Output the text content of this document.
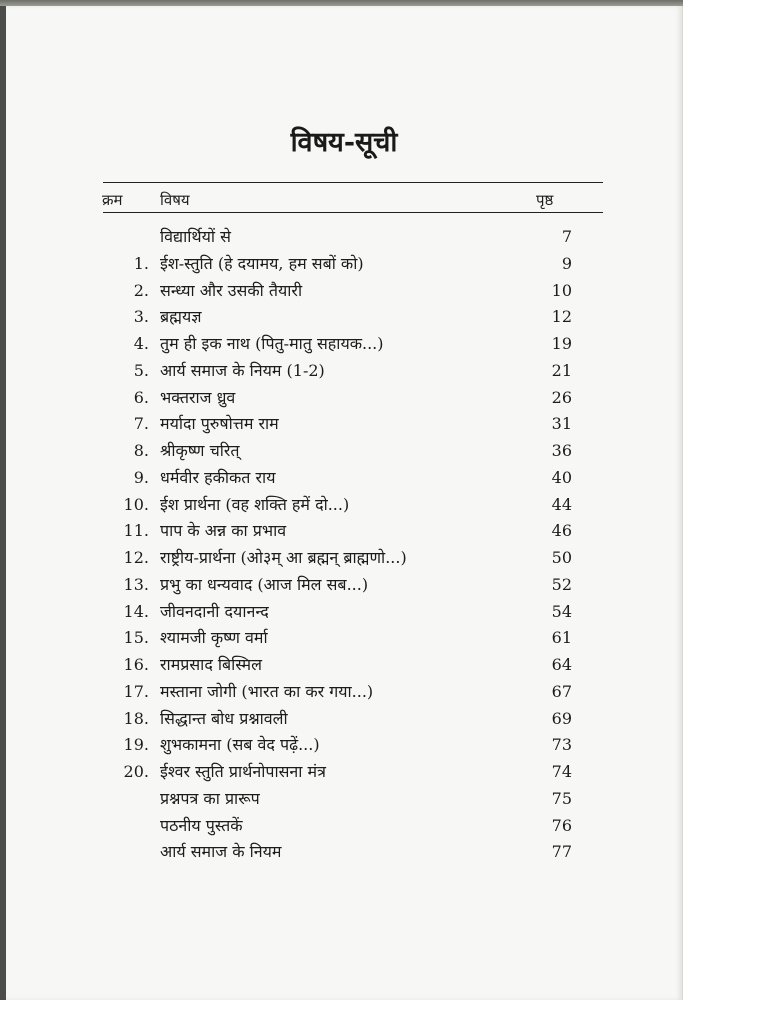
विषय-सूची
क्रम	विषय	पृष्ठ
विद्यार्थियों से	7
1. ईश-स्तुति (हे दयामय, हम सबों को)	9
2. सन्ध्या और उसकी तैयारी	10
3. ब्रह्मयज्ञ	12
4. तुम ही इक नाथ (पितु-मातु सहायक...)	19
5. आर्य समाज के नियम (1-2)	21
6. भक्तराज ध्रुव	26
7. मर्यादा पुरुषोत्तम राम	31
8. श्रीकृष्ण चरित्	36
9. धर्मवीर हकीकत राय	40
10. ईश प्रार्थना (वह शक्ति हमें दो...)	44
11. पाप के अन्न का प्रभाव	46
12. राष्ट्रीय-प्रार्थना (ओ३म् आ ब्रह्मन् ब्राह्मणो...)	50
13. प्रभु का धन्यवाद (आज मिल सब...)	52
14. जीवनदानी दयानन्द	54
15. श्यामजी कृष्ण वर्मा	61
16. रामप्रसाद बिस्मिल	64
17. मस्ताना जोगी (भारत का कर गया...)	67
18. सिद्धान्त बोध प्रश्नावली	69
19. शुभकामना (सब वेद पढ़ें...)	73
20. ईश्वर स्तुति प्रार्थनोपासना मंत्र	74
प्रश्नपत्र का प्रारूप	75
पठनीय पुस्तकें	76
आर्य समाज के नियम	77
